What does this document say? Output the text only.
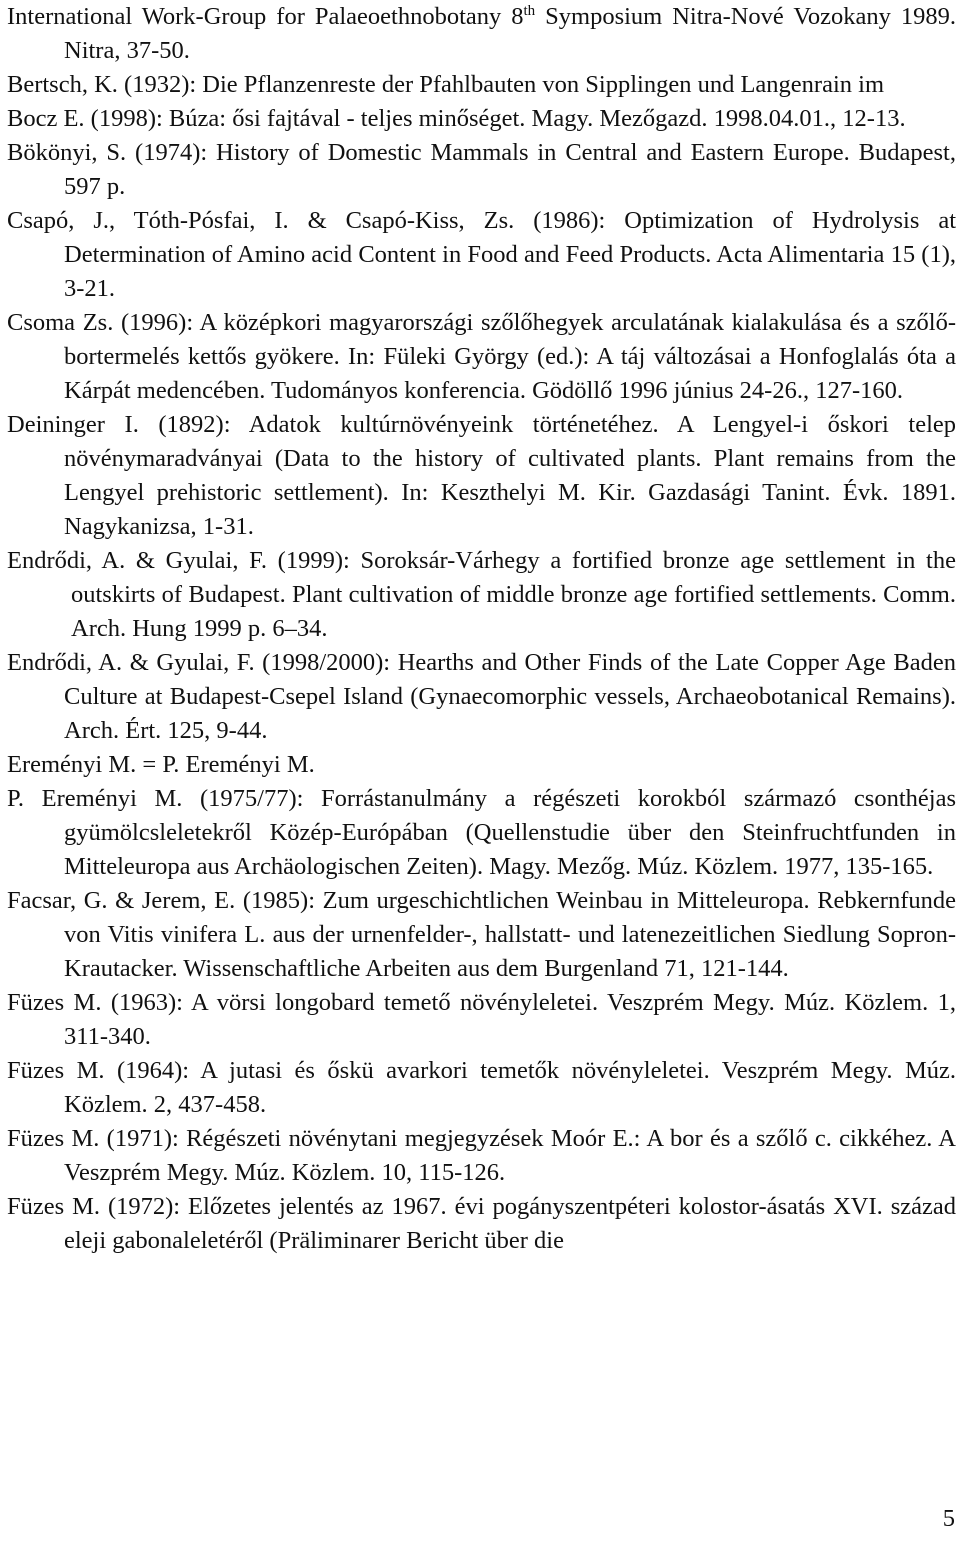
International Work-Group for Palaeoethnobotany 8th Symposium Nitra-Nové Vozokany 1989. Nitra, 37-50.

Bertsch, K. (1932): Die Pflanzenreste der Pfahlbauten von Sipplingen und Langenrain im

Bocz E. (1998): Búza: ősi fajtával - teljes minőséget. Magy. Mezőgazd. 1998.04.01., 12-13.

Bökönyi, S. (1974): History of Domestic Mammals in Central and Eastern Europe. Budapest, 597 p.

Csapó, J., Tóth-Pósfai, I. & Csapó-Kiss, Zs. (1986): Optimization of Hydrolysis at Determination of Amino acid Content in Food and Feed Products. Acta Alimentaria 15 (1), 3-21.

Csoma Zs. (1996): A középkori magyarországi szőlőhegyek arculatának kialakulása és a szőlő-bortermelés kettős gyökere. In: Füleki György (ed.): A táj változásai a Honfoglalás óta a Kárpát medencében. Tudományos konferencia. Gödöllő 1996 június 24-26., 127-160.

Deininger I. (1892): Adatok kultúrnövényeink történetéhez. A Lengyel-i őskori telep növénymaradványai (Data to the history of cultivated plants. Plant remains from the Lengyel prehistoric settlement). In: Keszthelyi M. Kir. Gazdasági Tanint. Évk. 1891. Nagykanizsa, 1-31.

Endrődi, A. & Gyulai, F. (1999): Soroksár-Várhegy a fortified bronze age settlement in the outskirts of Budapest. Plant cultivation of middle bronze age fortified settlements. Comm. Arch. Hung 1999 p. 6–34.

Endrődi, A. & Gyulai, F. (1998/2000): Hearths and Other Finds of the Late Copper Age Baden Culture at Budapest-Csepel Island (Gynaecomorphic vessels, Archaeobotanical Remains). Arch. Ért. 125, 9-44.

Ereményi M. = P. Ereményi M.

P. Ereményi M. (1975/77): Forrástanulmány a régészeti korokból származó csonthéjas gyümölcsleletekről Közép-Európában (Quellenstudie über den Steinfruchtfunden in Mitteleuropa aus Archäologischen Zeiten). Magy. Mezőg. Múz. Közlem. 1977, 135-165.

Facsar, G. & Jerem, E. (1985): Zum urgeschichtlichen Weinbau in Mitteleuropa. Rebkernfunde von Vitis vinifera L. aus der urnenfelder-, hallstatt- und latenezeitlichen Siedlung Sopron-Krautacker. Wissenschaftliche Arbeiten aus dem Burgenland 71, 121-144.

Füzes M. (1963): A vörsi longobard temető növényleletei. Veszprém Megy. Múz. Közlem. 1, 311-340.

Füzes M. (1964): A jutasi és őskü avarkori temetők növényleletei. Veszprém Megy. Múz. Közlem. 2, 437-458.

Füzes M. (1971): Régészeti növénytani megjegyzések Moór E.: A bor és a szőlő c. cikkéhez. A Veszprém Megy. Múz. Közlem. 10, 115-126.

Füzes M. (1972): Előzetes jelentés az 1967. évi pogányszentpéteri kolostor-ásatás XVI. század eleji gabonaleletéről (Präliminarer Bericht über die

5
